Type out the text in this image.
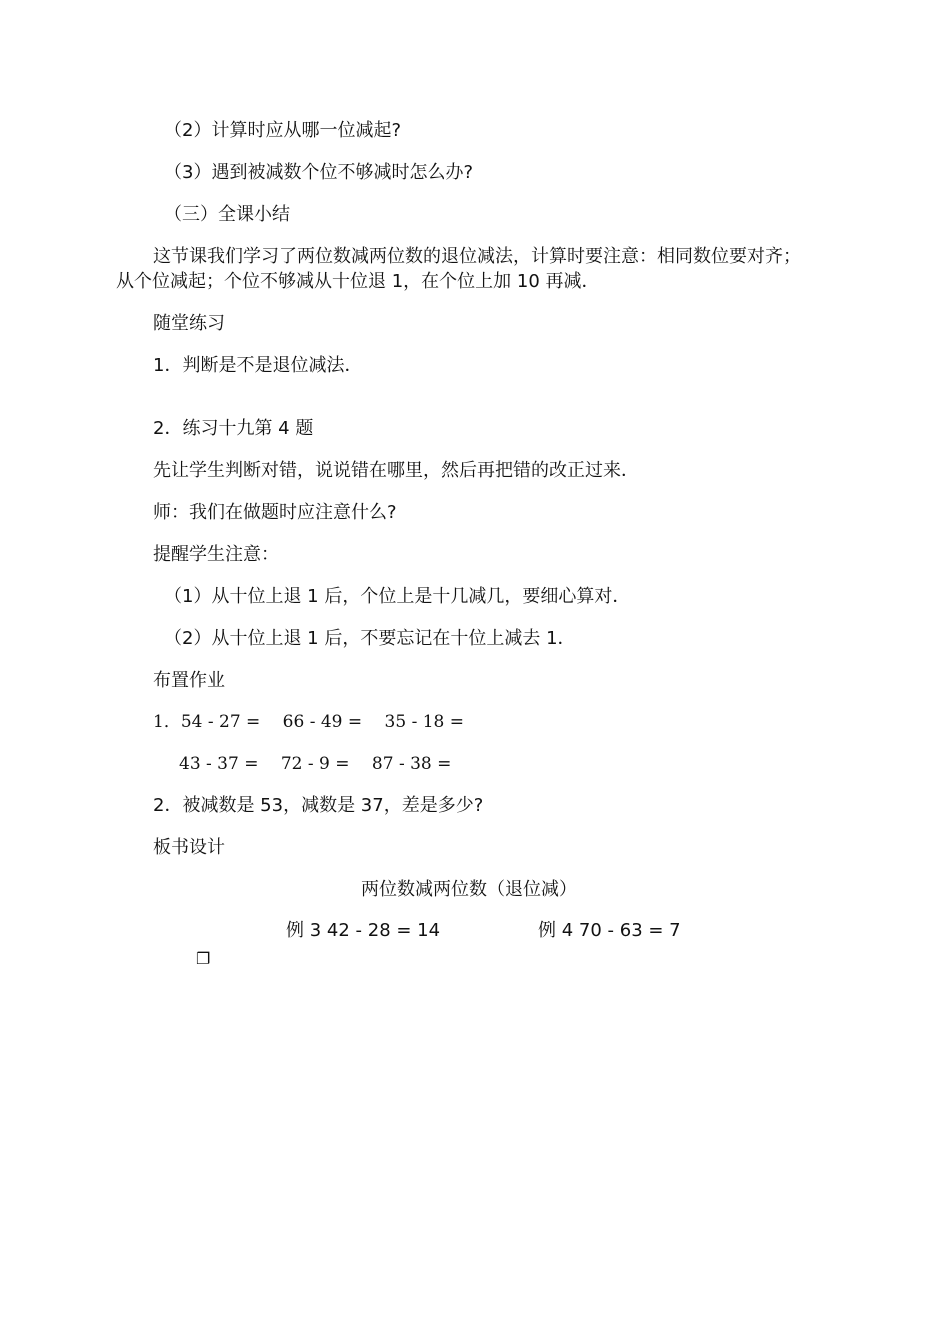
（2）计算时应从哪一位减起?
（3）遇到被减数个位不够减时怎么办?
（三）全课小结
这节课我们学习了两位数减两位数的退位减法，计算时要注意：相同数位要对齐；
从个位减起；个位不够减从十位退 1，在个位上加 10 再减．
随堂练习
1．判断是不是退位减法．
2．练习十九第 4 题
先让学生判断对错，说说错在哪里，然后再把错的改正过来．
师：我们在做题时应注意什么?
提醒学生注意：
（1）从十位上退 1 后，个位上是十几减几，要细心算对．
（2）从十位上退 1 后，不要忘记在十位上减去 1．
布置作业
1．54 - 27 =　 66 - 49 =　 35 - 18 =
43 - 37 =　 72 - 9 =　 87 - 38 =
2．被减数是 53，减数是 37，差是多少?
板书设计
两位数减两位数（退位减）
例 3 42 - 28 = 14	例 4 70 - 63 = 7
❐
